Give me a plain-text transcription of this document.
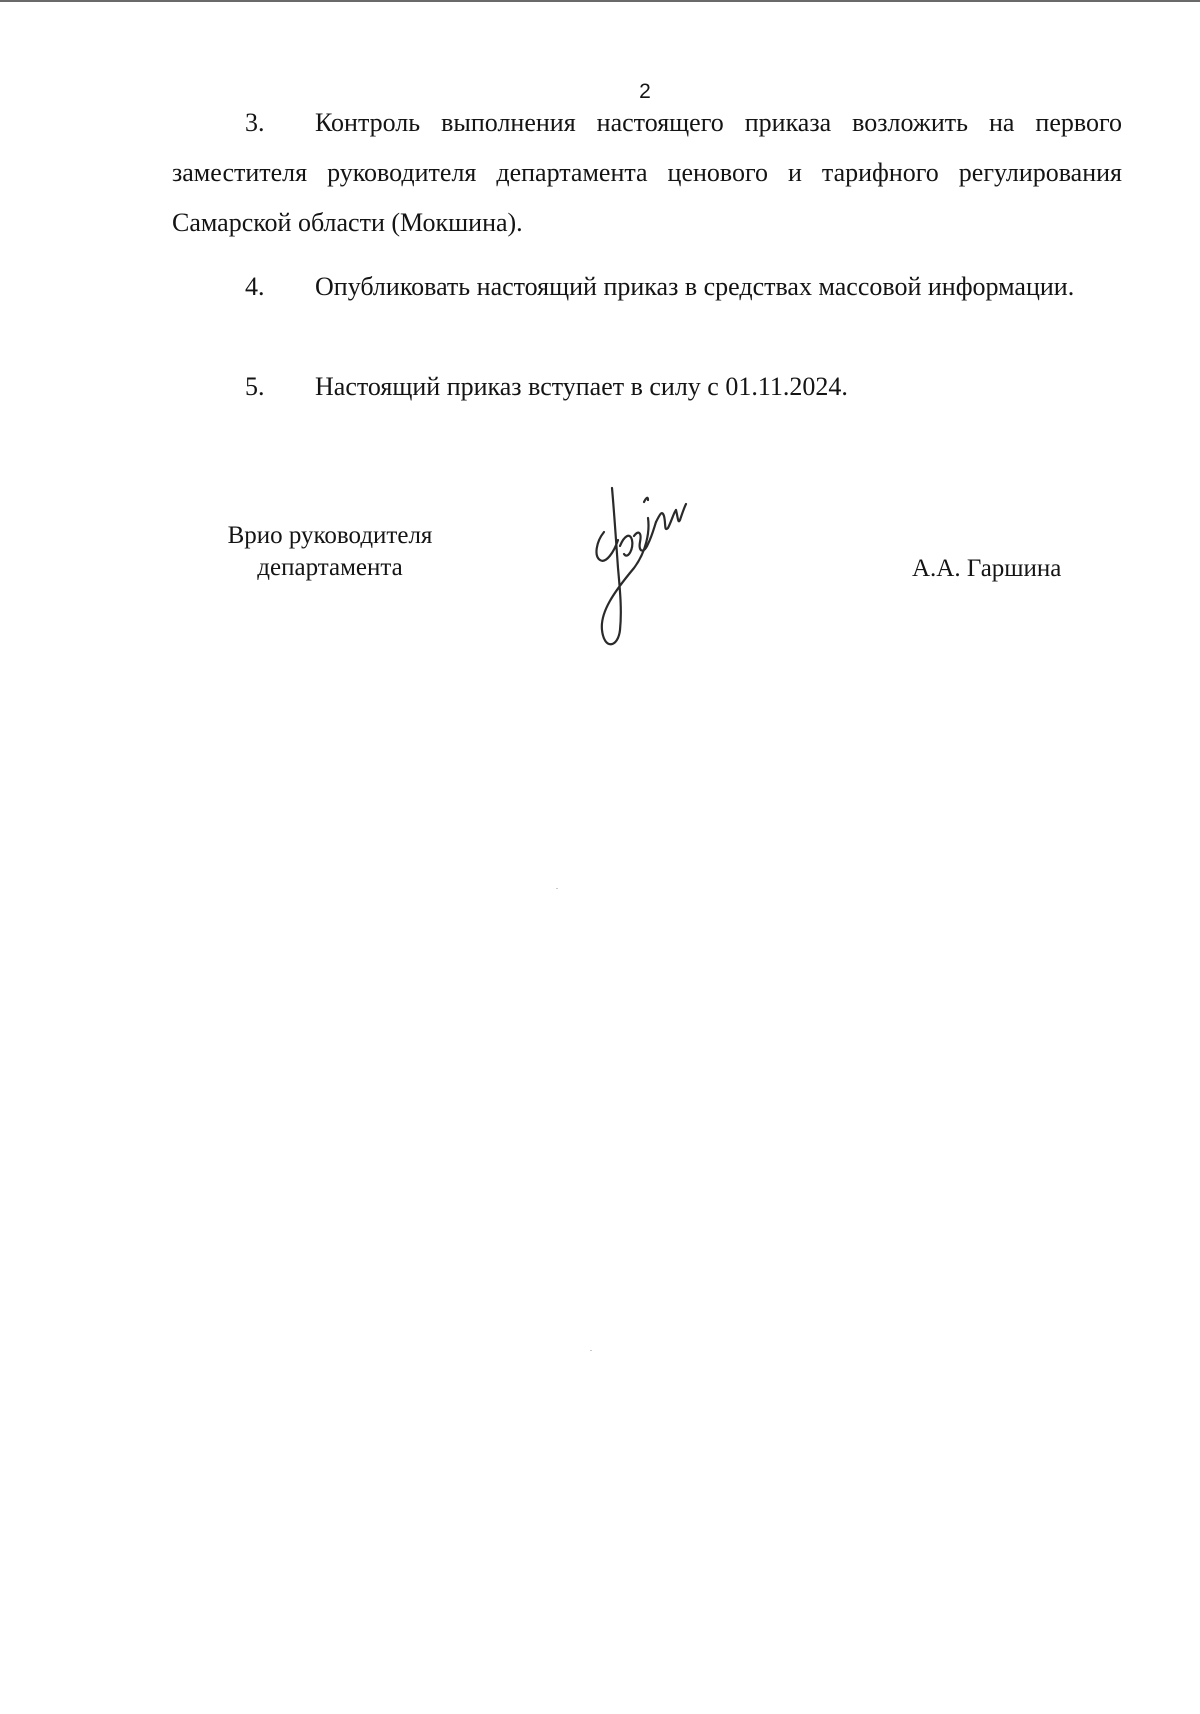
2

3. Контроль выполнения настоящего приказа возложить на первого заместителя руководителя департамента ценового и тарифного регулирования Самарской области (Мокшина).

4. Опубликовать настоящий приказ в средствах массовой информации.

5. Настоящий приказ вступает в силу с 01.11.2024.

Врио руководителя
департамента	А.А. Гаршина
